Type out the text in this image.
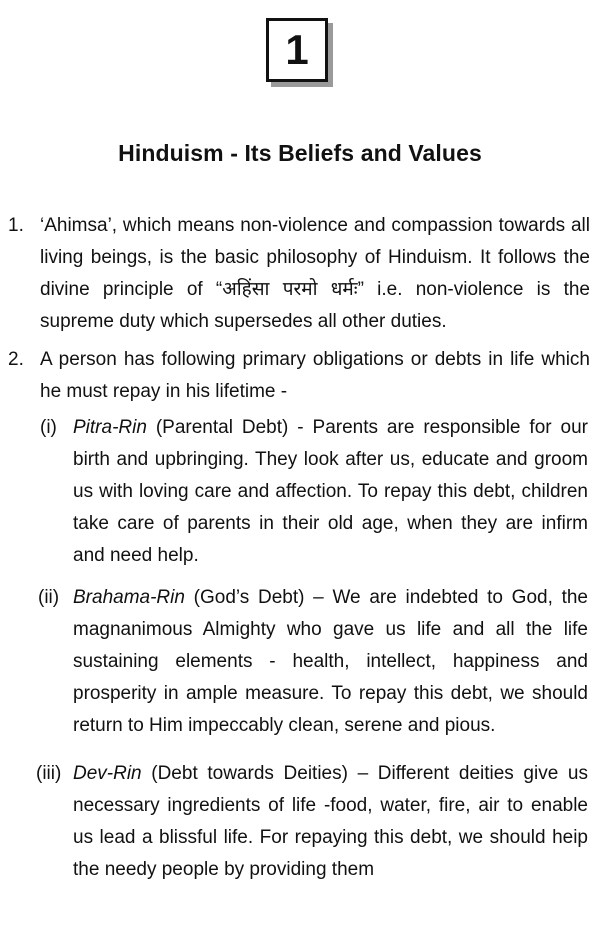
1
Hinduism - Its Beliefs and Values
1. ‘Ahimsa’, which means non-violence and compassion towards all living beings, is the basic philosophy of Hinduism. It follows the divine principle of “अहिंसा परमो धर्मः” i.e. non-violence is the supreme duty which supersedes all other duties.
2. A person has following primary obligations or debts in life which he must repay in his lifetime -
(i) Pitra-Rin (Parental Debt) - Parents are responsible for our birth and upbringing. They look after us, educate and groom us with loving care and affection. To repay this debt, children take care of parents in their old age, when they are infirm and need help.
(ii) Brahama-Rin (God’s Debt) – We are indebted to God, the magnanimous Almighty who gave us life and all the life sustaining elements - health, intellect, happiness and prosperity in ample measure. To repay this debt, we should return to Him impeccably clean, serene and pious.
(iii) Dev-Rin (Debt towards Deities) – Different deities give us necessary ingredients of life -food, water, fire, air to enable us lead a blissful life. For repaying this debt, we should heip the needy people by providing them
